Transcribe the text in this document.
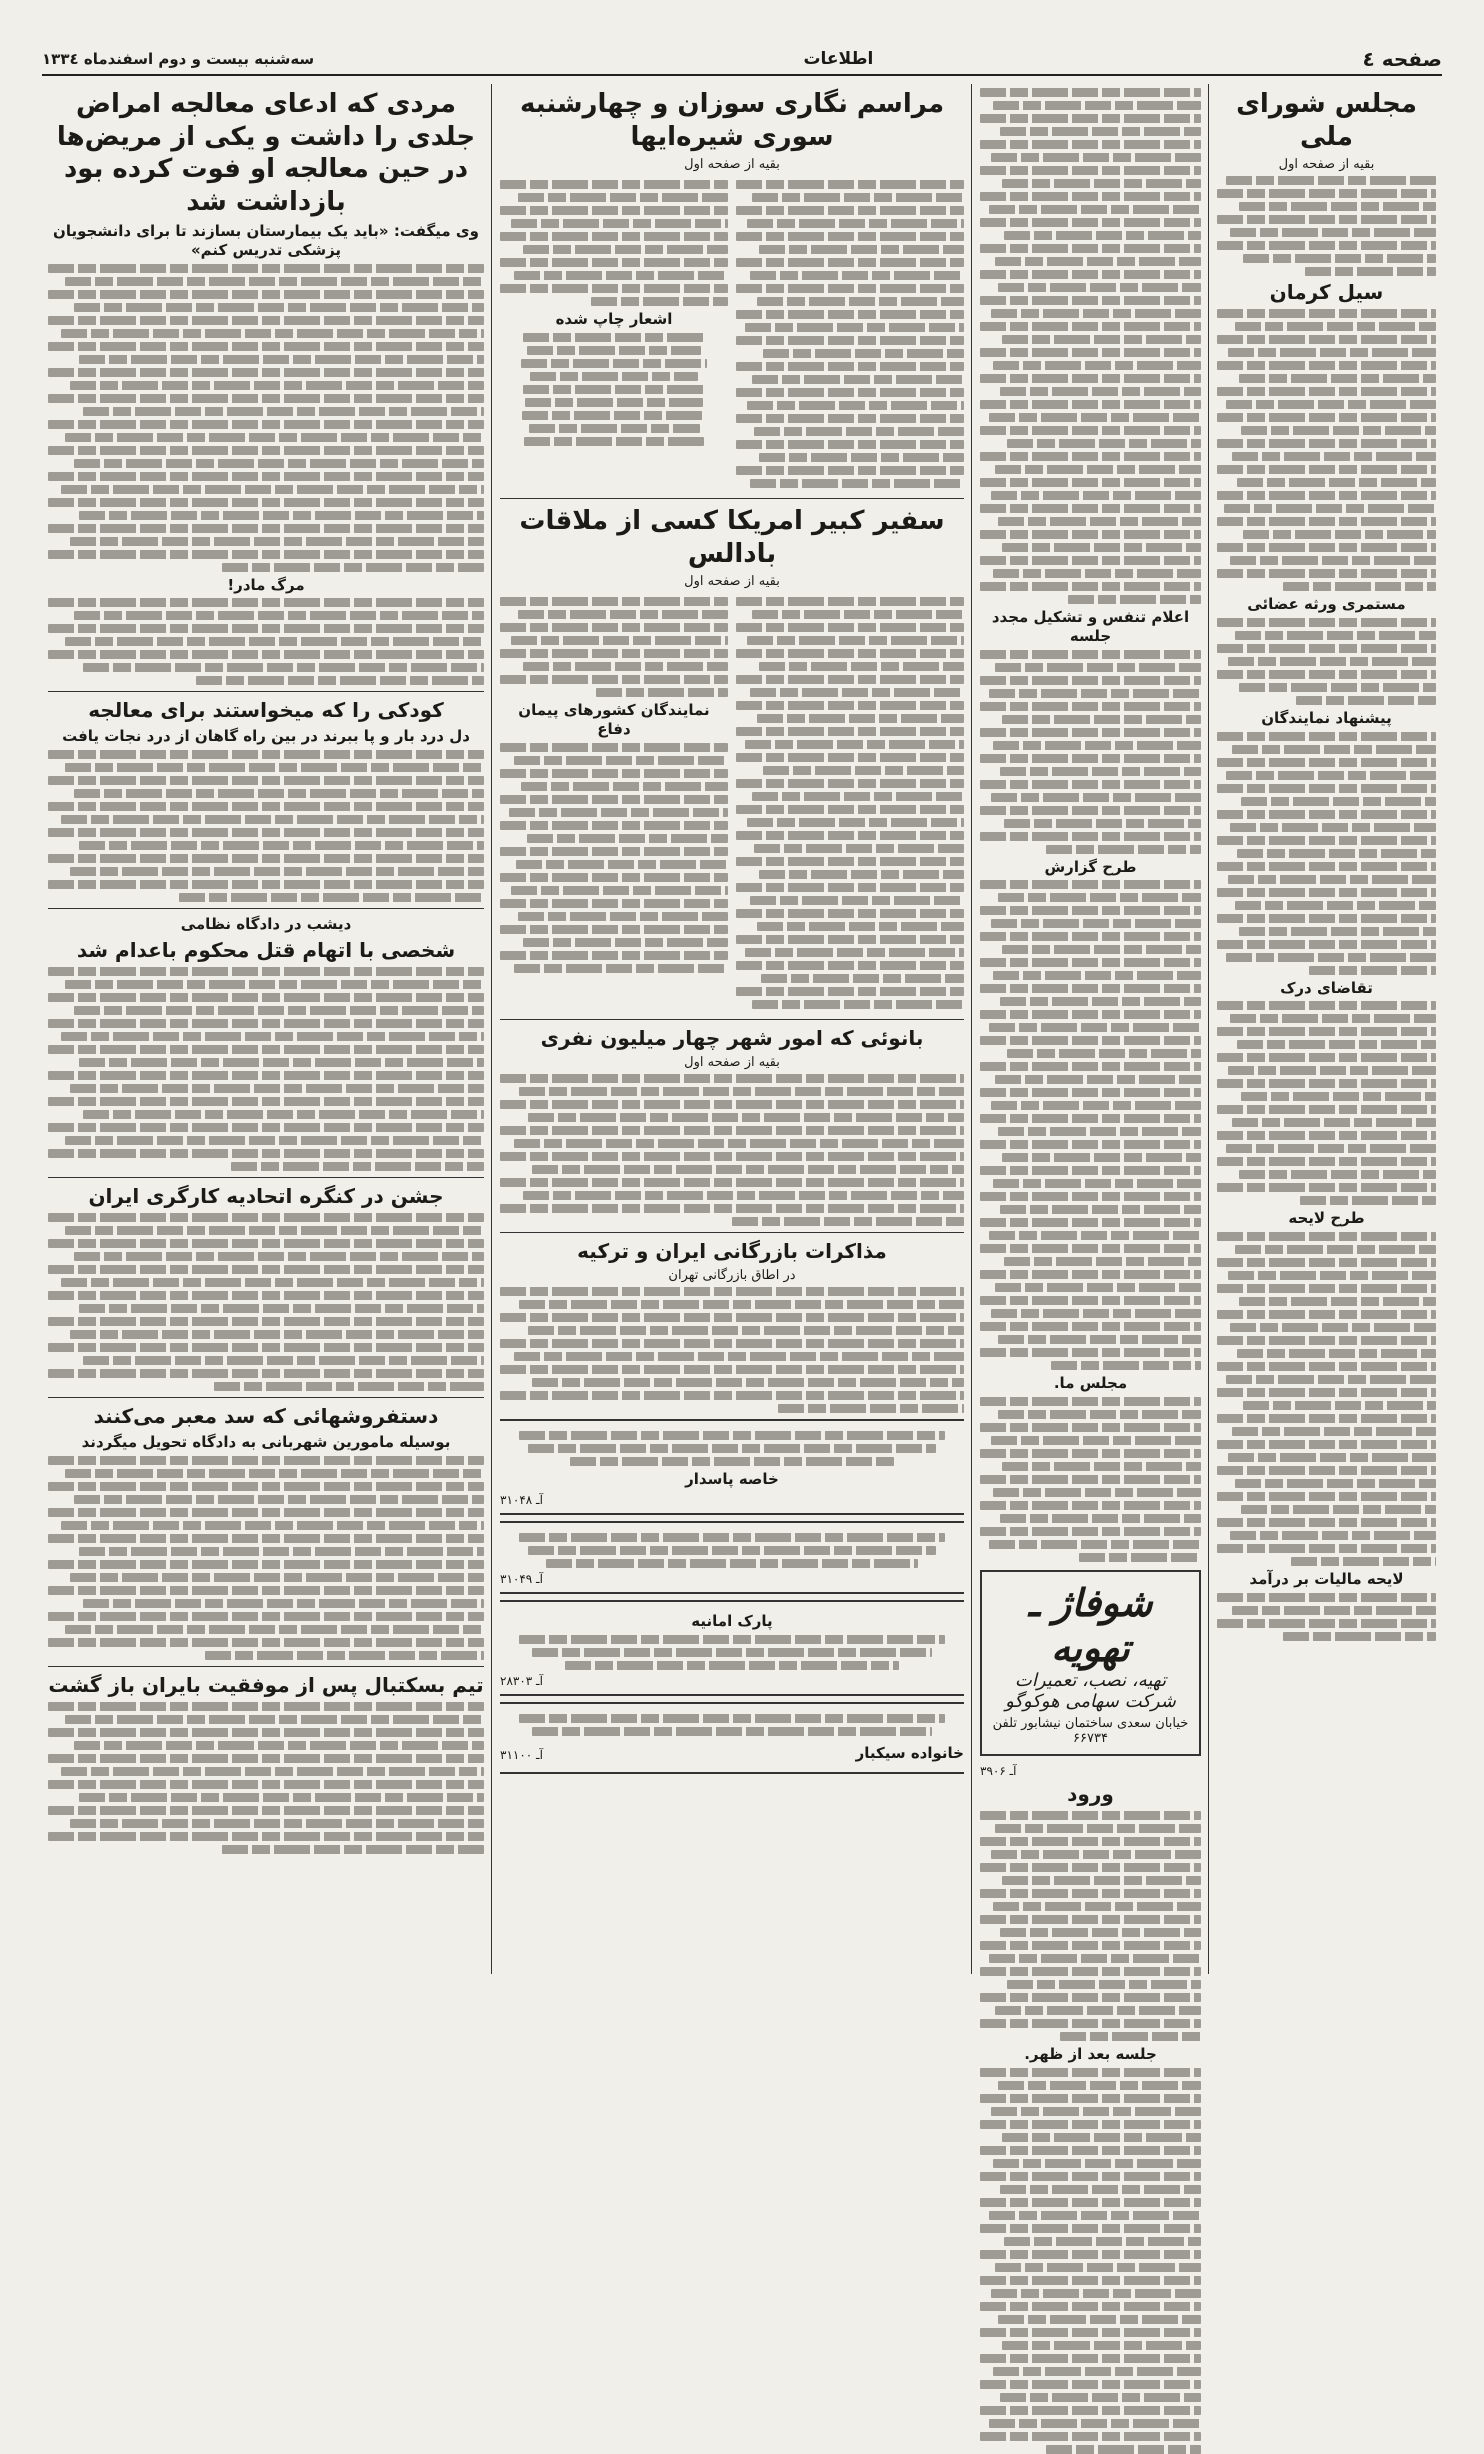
صفحه ٤
اطلاعات
سه‌شنبه بیست و دوم اسفندماه ۱۳۳٤
مجلس شورای ملی
بقیه از صفحه اول
سیل کرمان
مستمری ورثه عضائی
پیشنهاد نمایندگان
تقاضای درک
طرح لایحه
لایحه مالیات بر درآمد
اعلام تنفس و تشکیل مجدد جلسه
طرح گزارش
مجلس ما.
شوفاژ ـ تهویه
تهیه، نصب، تعمیرات
شرکت سهامی هوکوگو
خیابان سعدی ساختمان نیشابور تلفن ۶۶۷۳۴
آـ ۳۹۰۶
ورود
جلسه بعد از ظهر.
مراسم نگاری سوزان و چهارشنبه سوری شیره‌ایها
بقیه از صفحه اول
اشعار چاپ شده
سفیر کبیر امریکا کسی از ملاقات بادالس
بقیه از صفحه اول
نمایندگان کشورهای پیمان دفاع
بانوئی که امور شهر چهار میلیون نفری
بقیه از صفحه اول
مذاکرات بازرگانی ایران و ترکیه
در اطاق بازرگانی تهران
خاصه پاسدار
آـ ۳۱۰۴۸
آـ ۳۱۰۴۹
پارک امانیه
آـ ۲۸۳۰۳
خانواده سیکبار
آـ ۳۱۱۰۰
مردی که ادعای معالجه امراض جلدی را داشت و یکی از مریض‌ها در حین معالجه او فوت کرده بود بازداشت شد
وی میگفت: «باید یک بیمارستان بسازند تا برای دانشجویان پزشکی تدریس کنم»
مرگ مادر!
کودکی را که میخواستند برای معالجه
دل درد بار و پا ببرند در بین راه گاهان از درد نجات یافت
دیشب در دادگاه نظامی
شخصی با اتهام قتل محکوم باعدام شد
جشن در کنگره اتحادیه کارگری ایران
دستفروشهائی که سد معبر می‌کنند
بوسیله مامورین شهربانی به دادگاه تحویل میگردند
تیم بسکتبال پس از موفقیت بایران باز گشت
